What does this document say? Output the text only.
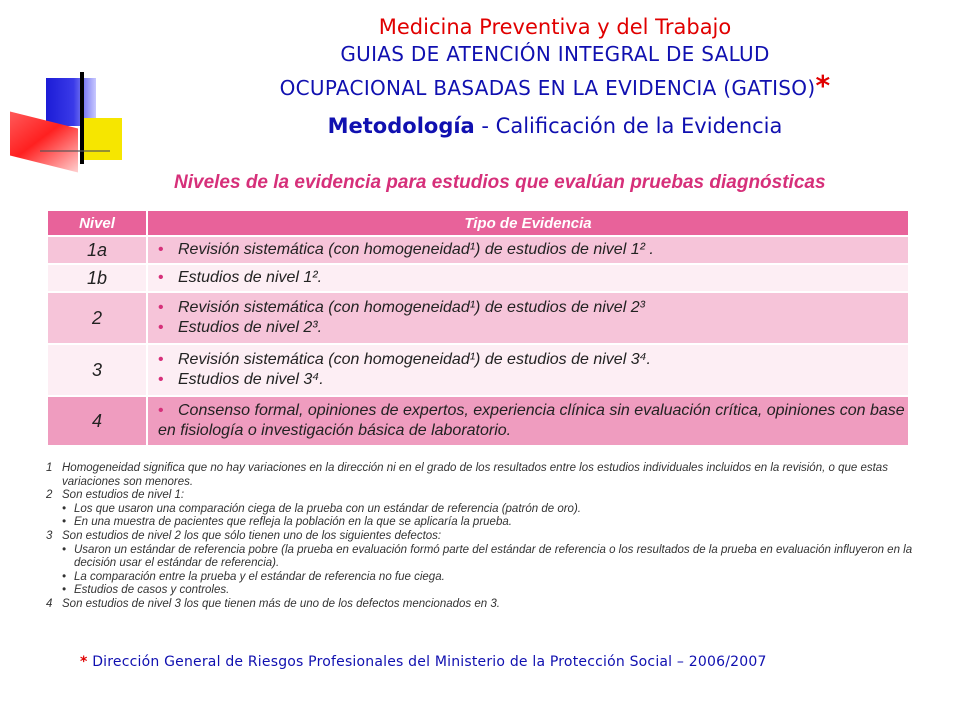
Medicina Preventiva y del Trabajo
GUIAS DE ATENCIÓN INTEGRAL DE SALUD
OCUPACIONAL BASADAS EN LA EVIDENCIA (GATISO)*
Metodología - Calificación de la Evidencia
Niveles de la evidencia para estudios que evalúan pruebas diagnósticas
Nivel	Tipo de Evidencia
1a	• Revisión sistemática (con homogeneidad¹) de estudios de nivel 1² .

1b	• Estudios de nivel 1².

2	• Revisión sistemática (con homogeneidad¹) de estudios de nivel 2³
• Estudios de nivel 2³.

3	• Revisión sistemática (con homogeneidad¹) de estudios de nivel 3⁴.
• Estudios de nivel 3⁴.

4	• Consenso formal, opiniones de expertos, experiencia clínica sin evaluación crítica, opiniones con base en fisiología o investigación básica de laboratorio.
1 Homogeneidad significa que no hay variaciones en la dirección ni en el grado de los resultados entre los estudios individuales incluidos en la revisión, o que estas variaciones son menores.
2 Son estudios de nivel 1:
• Los que usaron una comparación ciega de la prueba con un estándar de referencia (patrón de oro).
• En una muestra de pacientes que refleja la población en la que se aplicaría la prueba.
3 Son estudios de nivel 2 los que sólo tienen uno de los siguientes defectos:
• Usaron un estándar de referencia pobre (la prueba en evaluación formó parte del estándar de referencia o los resultados de la prueba en evaluación influyeron en la decisión usar el estándar de referencia).
• La comparación entre la prueba y el estándar de referencia no fue ciega.
• Estudios de casos y controles.
4 Son estudios de nivel 3 los que tienen más de uno de los defectos mencionados en 3.
* Dirección General de Riesgos Profesionales del Ministerio de la Protección Social – 2006/2007
